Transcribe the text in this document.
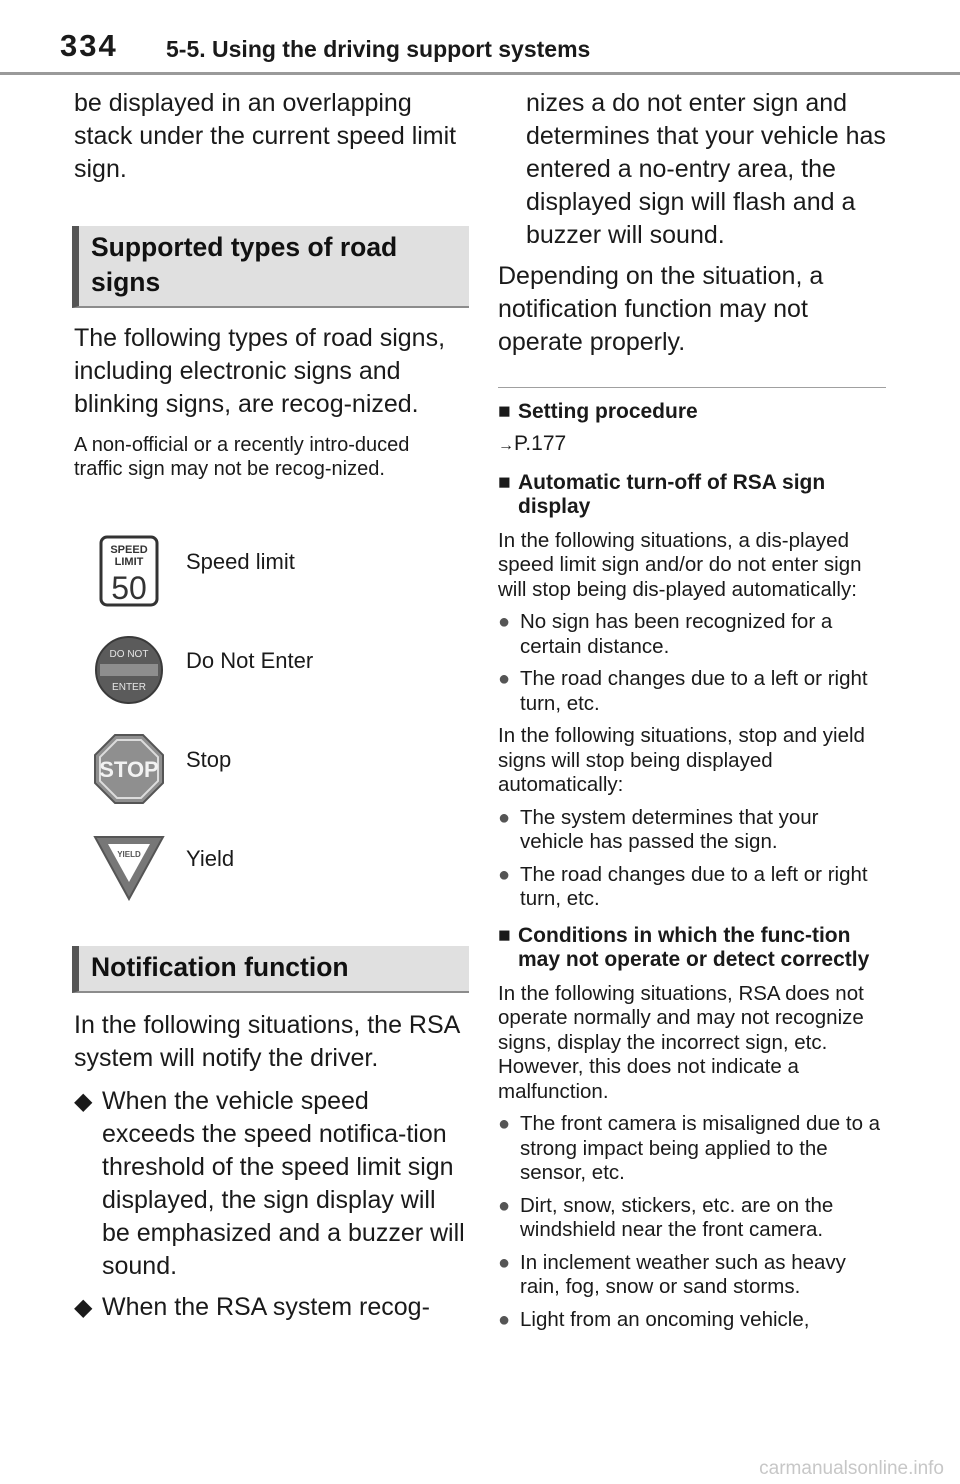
334 5-5. Using the driving support systems

be displayed in an overlapping stack under the current speed limit sign.

Supported types of road signs

The following types of road signs, including electronic signs and blinking signs, are recog-nized.

A non-official or a recently intro-duced traffic sign may not be recog-nized.

SPEED
LIMIT
50
Speed limit
DO NOT
ENTER
Do Not Enter
STOP Stop
YIELD Yield
Notification function

In the following situations, the RSA system will notify the driver.

◆ When the vehicle speed exceeds the speed notifica-tion threshold of the speed limit sign displayed, the sign display will be emphasized and a buzzer will sound.

◆ When the RSA system recog-

nizes a do not enter sign and determines that your vehicle has entered a no-entry area, the displayed sign will flash and a buzzer will sound.

Depending on the situation, a notification function may not operate properly.

■ Setting procedure
→P.177
■ Automatic turn-off of RSA sign display

In the following situations, a dis-played speed limit sign and/or do not enter sign will stop being dis-played automatically:

● No sign has been recognized for a certain distance.

● The road changes due to a left or right turn, etc.

In the following situations, stop and yield signs will stop being displayed automatically:

● The system determines that your vehicle has passed the sign.

● The road changes due to a left or right turn, etc.

■ Conditions in which the func-tion may not operate or detect correctly

In the following situations, RSA does not operate normally and may not recognize signs, display the incorrect sign, etc. However, this does not indicate a malfunction.

● The front camera is misaligned due to a strong impact being applied to the sensor, etc.

● Dirt, snow, stickers, etc. are on the windshield near the front camera.

● In inclement weather such as heavy rain, fog, snow or sand storms.

● Light from an oncoming vehicle,

carmanualsonline.info
